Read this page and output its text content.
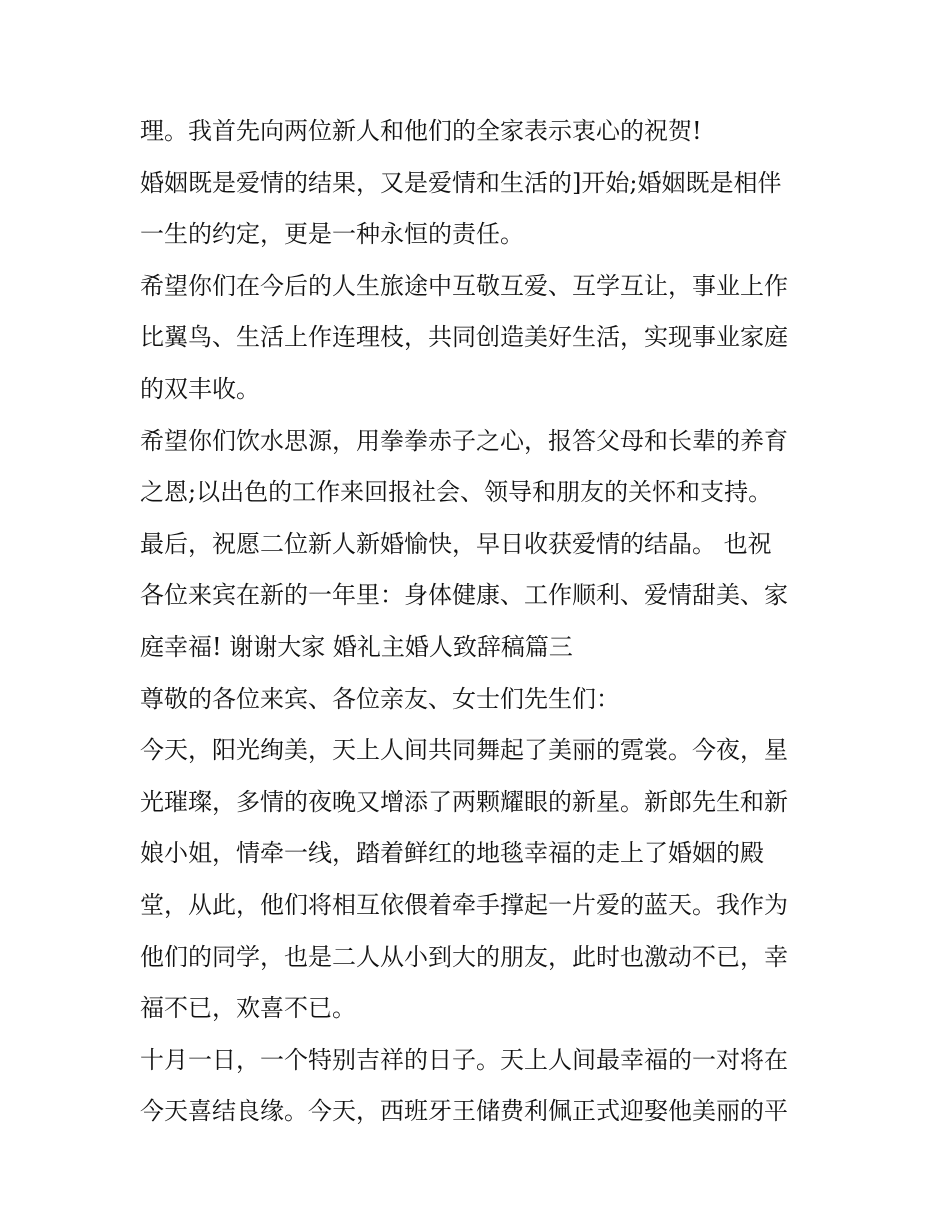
理。我首先向两位新人和他们的全家表示衷心的祝贺!
婚姻既是爱情的结果，又是爱情和生活的]开始;婚姻既是相伴
一生的约定，更是一种永恒的责任。
希望你们在今后的人生旅途中互敬互爱、互学互让，事业上作
比翼鸟、生活上作连理枝，共同创造美好生活，实现事业家庭
的双丰收。
希望你们饮水思源，用拳拳赤子之心，报答父母和长辈的养育
之恩;以出色的工作来回报社会、领导和朋友的关怀和支持。
最后，祝愿二位新人新婚愉快，早日收获爱情的结晶。 也祝
各位来宾在新的一年里：身体健康、工作顺利、爱情甜美、家
庭幸福! 谢谢大家 婚礼主婚人致辞稿篇三
尊敬的各位来宾、各位亲友、女士们先生们：
今天，阳光绚美，天上人间共同舞起了美丽的霓裳。今夜，星
光璀璨，多情的夜晚又增添了两颗耀眼的新星。新郎先生和新
娘小姐，情牵一线，踏着鲜红的地毯幸福的走上了婚姻的殿
堂，从此，他们将相互依偎着牵手撑起一片爱的蓝天。我作为
他们的同学，也是二人从小到大的朋友，此时也激动不已，幸
福不已，欢喜不已。
十月一日，一个特别吉祥的日子。天上人间最幸福的一对将在
今天喜结良缘。今天，西班牙王储费利佩正式迎娶他美丽的平
